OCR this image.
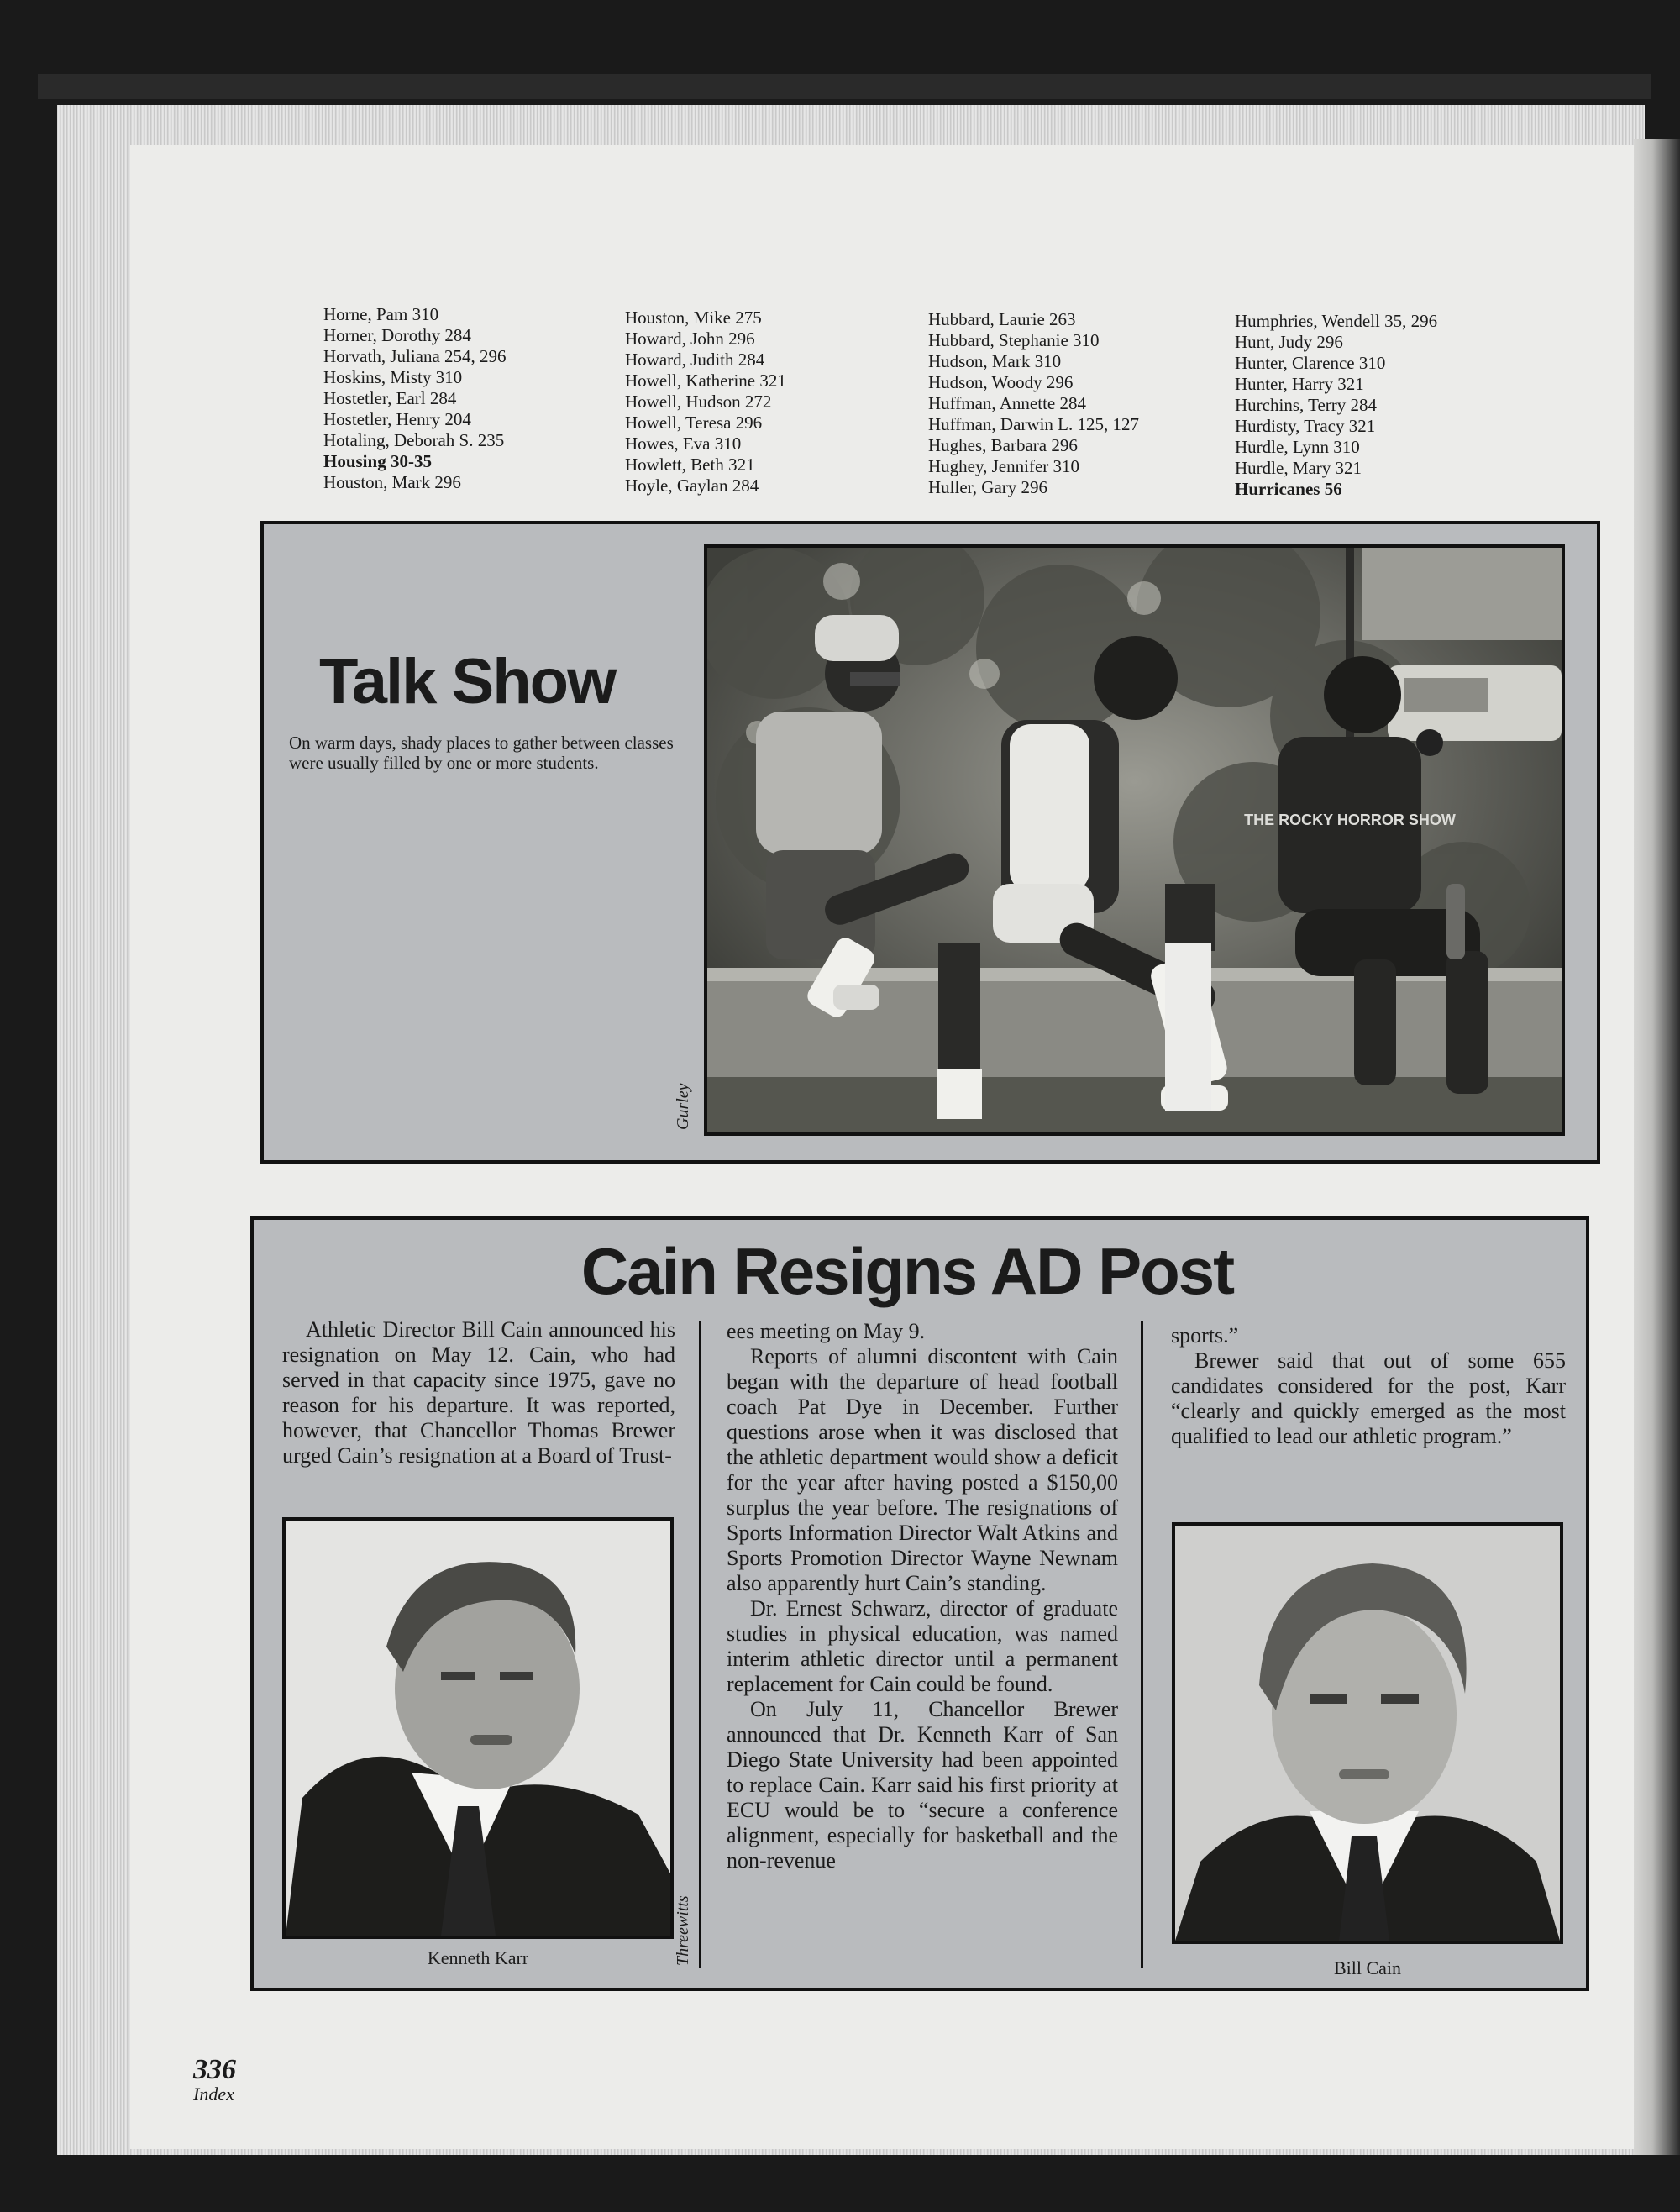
Horne, Pam 310
Horner, Dorothy 284
Horvath, Juliana 254, 296
Hoskins, Misty 310
Hostetler, Earl 284
Hostetler, Henry 204
Hotaling, Deborah S. 235
Housing 30-35
Houston, Mark 296
Houston, Mike 275
Howard, John 296
Howard, Judith 284
Howell, Katherine 321
Howell, Hudson 272
Howell, Teresa 296
Howes, Eva 310
Howlett, Beth 321
Hoyle, Gaylan 284
Hubbard, Laurie 263
Hubbard, Stephanie 310
Hudson, Mark 310
Hudson, Woody 296
Huffman, Annette 284
Huffman, Darwin L. 125, 127
Hughes, Barbara 296
Hughey, Jennifer 310
Huller, Gary 296
Humphries, Wendell 35, 296
Hunt, Judy 296
Hunter, Clarence 310
Hunter, Harry 321
Hurchins, Terry 284
Hurdisty, Tracy 321
Hurdle, Lynn 310
Hurdle, Mary 321
Hurricanes 56
Talk Show
On warm days, shady places to gather between classes were usually filled by one or more students.
THE ROCKY HORROR SHOW
Gurley
Cain Resigns AD Post

Athletic Director Bill Cain announced his resignation on May 12. Cain, who had served in that capacity since 1975, gave no reason for his departure. It was reported, however, that Chancellor Thomas Brewer urged Cain’s resignation at a Board of Trust-

ees meeting on May 9.

Reports of alumni discontent with Cain began with the departure of head football coach Pat Dye in December. Further questions arose when it was disclosed that the athletic department would show a deficit for the year after having posted a $150,00 surplus the year before. The resignations of Sports Information Director Walt Atkins and Sports Promotion Director Wayne Newnam also apparently hurt Cain’s standing.

Dr. Ernest Schwarz, director of graduate studies in physical education, was named interim athletic director until a permanent replacement for Cain could be found.

On July 11, Chancellor Brewer announced that Dr. Kenneth Karr of San Diego State University had been appointed to replace Cain. Karr said his first priority at ECU would be to “secure a conference alignment, especially for basketball and the non-revenue

sports.”

Brewer said that out of some 655 candidates considered for the post, Karr “clearly and quickly emerged as the most qualified to lead our athletic program.”

Threewitts
Kenneth Karr	Bill Cain
336
Index
